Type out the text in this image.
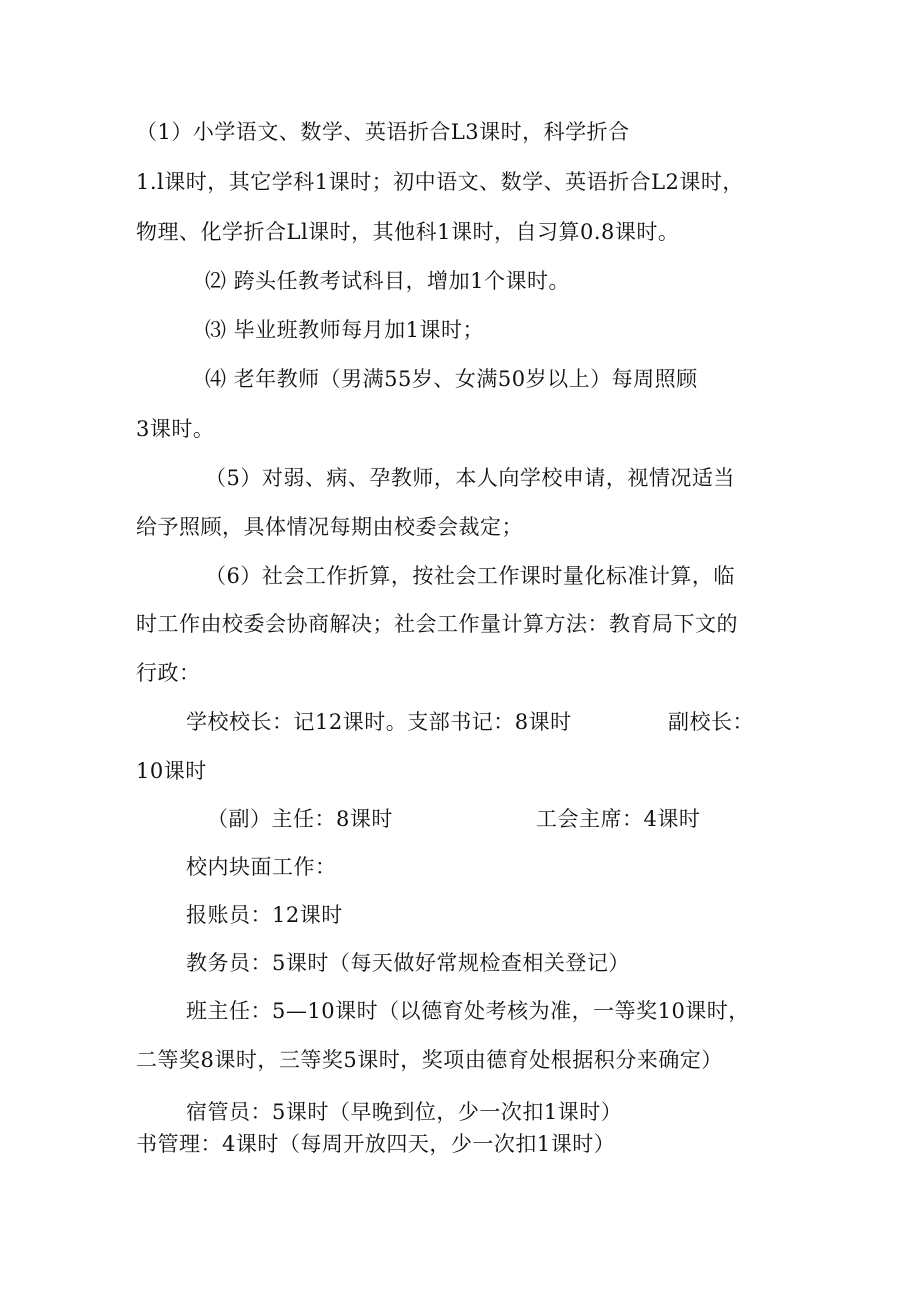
（1）小学语文、数学、英语折合L3课时，科学折合
1.l课时，其它学科1课时；初中语文、数学、英语折合L2课时，
物理、化学折合Ll课时，其他科1课时，自习算0.8课时。
⑵ 跨头任教考试科目，增加1个课时。
⑶ 毕业班教师每月加1课时；
⑷ 老年教师（男满55岁、女满50岁以上）每周照顾
3课时。
（5）对弱、病、孕教师，本人向学校申请，视情况适当
给予照顾，具体情况每期由校委会裁定；
（6）社会工作折算，按社会工作课时量化标准计算，临
时工作由校委会协商解决；社会工作量计算方法：教育局下文的
行政：
学校校长：记12课时。支部书记：8课时	副校长：
10课时
（副）主任：8课时	工会主席：4课时
校内块面工作：
报账员：12课时
教务员：5课时（每天做好常规检查相关登记）
班主任：5—10课时（以德育处考核为准，一等奖10课时，
二等奖8课时，三等奖5课时，奖项由德育处根据积分来确定）
宿管员：5课时（早晚到位，少一次扣1课时）
书管理：4课时（每周开放四天，少一次扣1课时）
